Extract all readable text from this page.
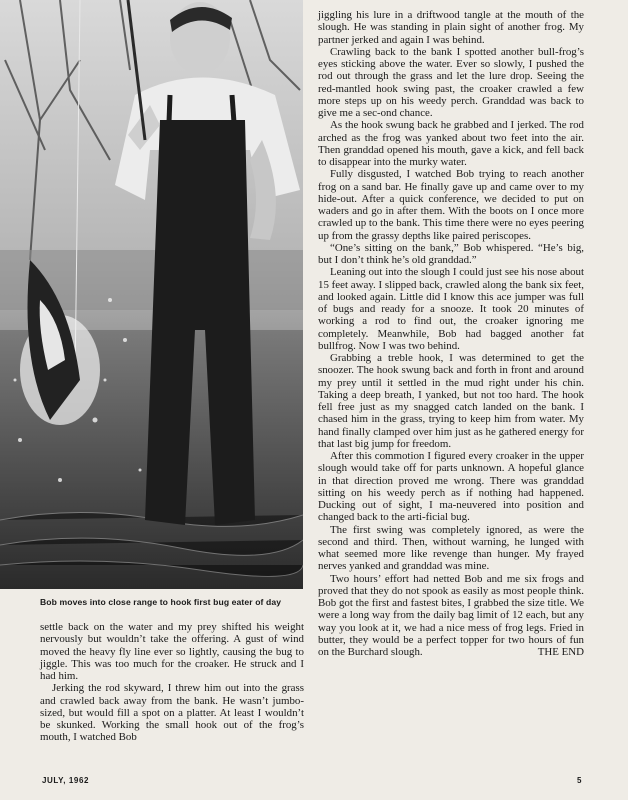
Bob moves into close range to hook first bug eater of day

settle back on the water and my prey shifted his weight nervously but wouldn’t take the offering. A gust of wind moved the heavy fly line ever so lightly, causing the bug to jiggle. This was too much for the croaker. He struck and I had him.

Jerking the rod skyward, I threw him out into the grass and crawled back away from the bank. He wasn’t jumbo-sized, but would fill a spot on a platter. At least I wouldn’t be skunked. Working the small hook out of the frog’s mouth, I watched Bob

jiggling his lure in a driftwood tangle at the mouth of the slough. He was standing in plain sight of another frog. My partner jerked and again I was behind.

Crawling back to the bank I spotted another bull-frog’s eyes sticking above the water. Ever so slowly, I pushed the rod out through the grass and let the lure drop. Seeing the red-mantled hook swing past, the croaker crawled a few more steps up on his weedy perch. Granddad was back to give me a sec-ond chance.

As the hook swung back he grabbed and I jerked. The rod arched as the frog was yanked about two feet into the air. Then granddad opened his mouth, gave a kick, and fell back to disappear into the murky water.

Fully disgusted, I watched Bob trying to reach another frog on a sand bar. He finally gave up and came over to my hide-out. After a quick conference, we decided to put on waders and go in after them. With the boots on I once more crawled up to the bank. This time there were no eyes peering up from the grassy depths like paired periscopes.

“One’s sitting on the bank,” Bob whispered. “He’s big, but I don’t think he’s old granddad.”

Leaning out into the slough I could just see his nose about 15 feet away. I slipped back, crawled along the bank six feet, and looked again. Little did I know this ace jumper was full of bugs and ready for a snooze. It took 20 minutes of working a rod to find out, the croaker ignoring me completely. Meanwhile, Bob had bagged another fat bullfrog. Now I was two behind.

Grabbing a treble hook, I was determined to get the snoozer. The hook swung back and forth in front and around my prey until it settled in the mud right under his chin. Taking a deep breath, I yanked, but not too hard. The hook fell free just as my snagged catch landed on the bank. I chased him in the grass, trying to keep him from water. My hand finally clamped over him just as he gathered energy for that last big jump for freedom.

After this commotion I figured every croaker in the upper slough would take off for parts unknown. A hopeful glance in that direction proved me wrong. There was granddad sitting on his weedy perch as if nothing had happened. Ducking out of sight, I ma-neuvered into position and changed back to the arti-ficial bug.

The first swing was completely ignored, as were the second and third. Then, without warning, he lunged with what seemed more like revenge than hunger. My frayed nerves yanked and granddad was mine.

Two hours’ effort had netted Bob and me six frogs and proved that they do not spook as easily as most people think. Bob got the first and fastest bites, I grabbed the size title. We were a long way from the daily bag limit of 12 each, but any way you look at it, we had a nice mess of frog legs. Fried in butter, they would be a perfect topper for two hours of fun on the Burchard slough.	THE END

JULY, 1962	5
